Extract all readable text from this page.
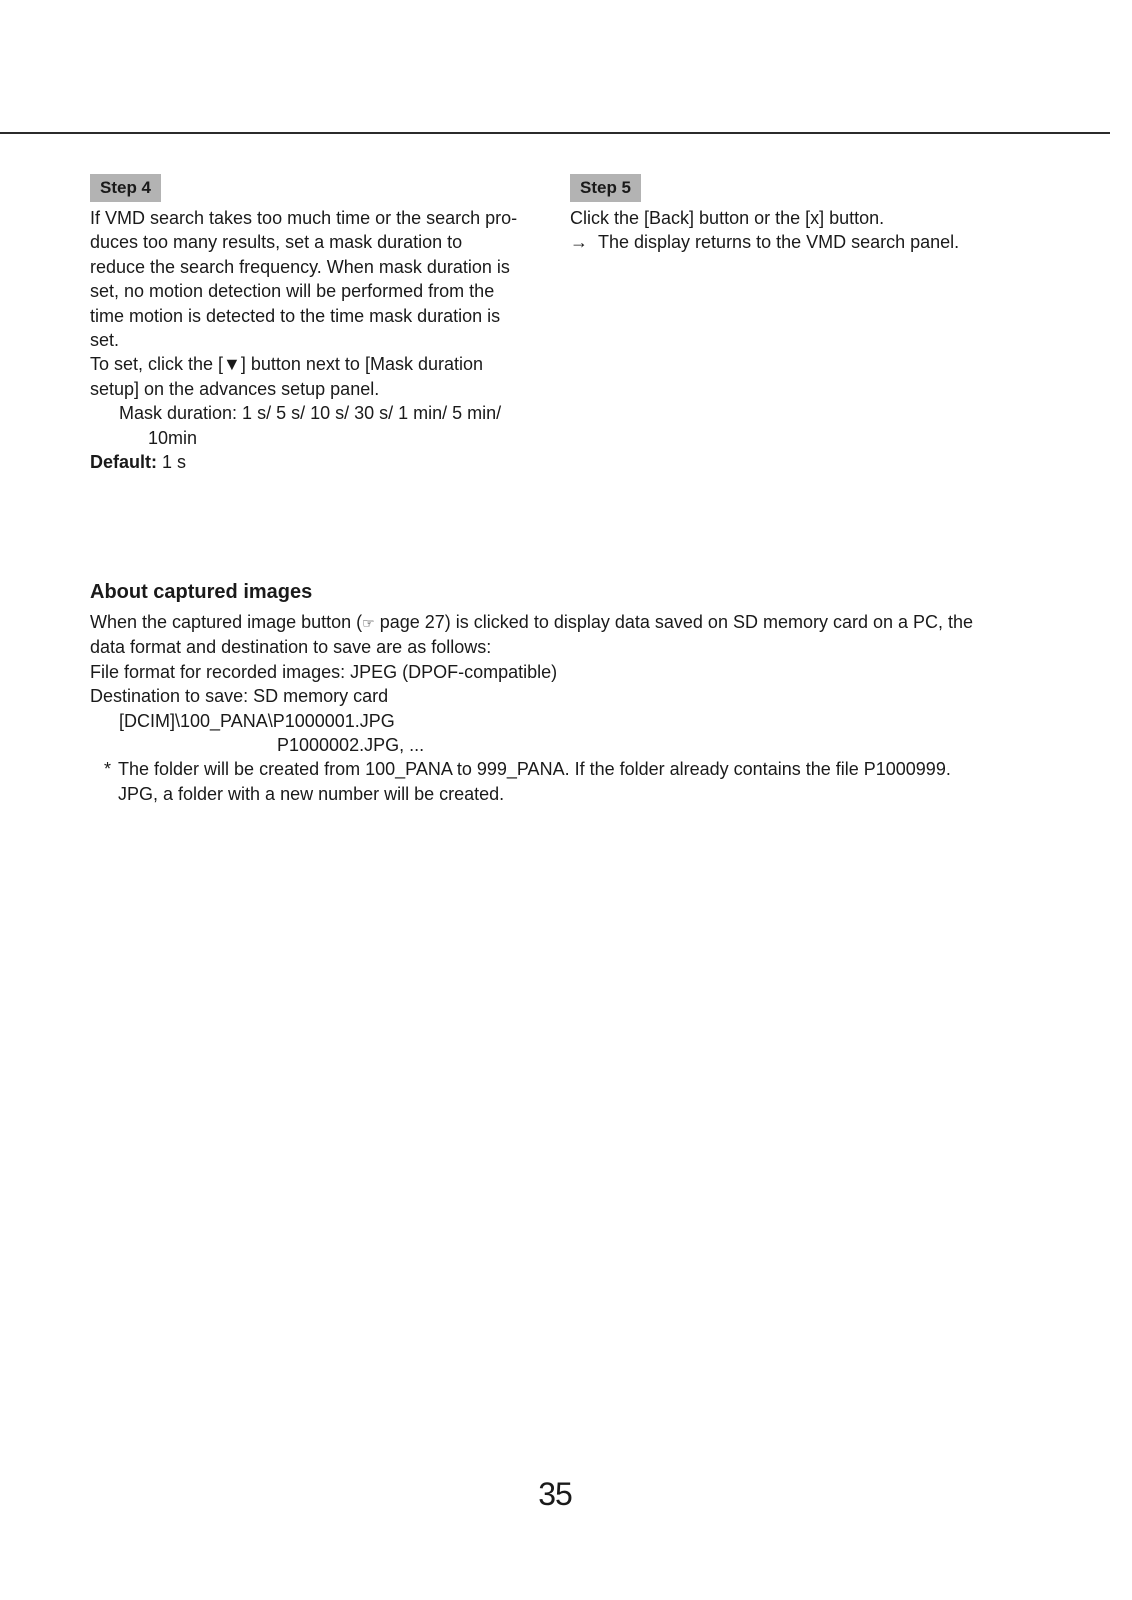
Step 4

If VMD search takes too much time or the search pro-

duces too many results, set a mask duration to

reduce the search frequency. When mask duration is

set, no motion detection will be performed from the

time motion is detected to the time mask duration is

set.

To set, click the [▼] button next to [Mask duration

setup] on the advances setup panel.

Mask duration: 1 s/ 5 s/ 10 s/ 30 s/ 1 min/ 5 min/

10min

Default: 1 s

Step 5

Click the [Back] button or the [x] button.

→ The display returns to the VMD search panel.

About captured images

When the captured image button (☞ page 27) is clicked to display data saved on SD memory card on a PC, the

data format and destination to save are as follows:

File format for recorded images: JPEG (DPOF-compatible)

Destination to save: SD memory card

[DCIM]\100_PANA\P1000001.JPG

P1000002.JPG, ...

* The folder will be created from 100_PANA to 999_PANA. If the folder already contains the file P1000999.
JPG, a folder with a new number will be created.
35
